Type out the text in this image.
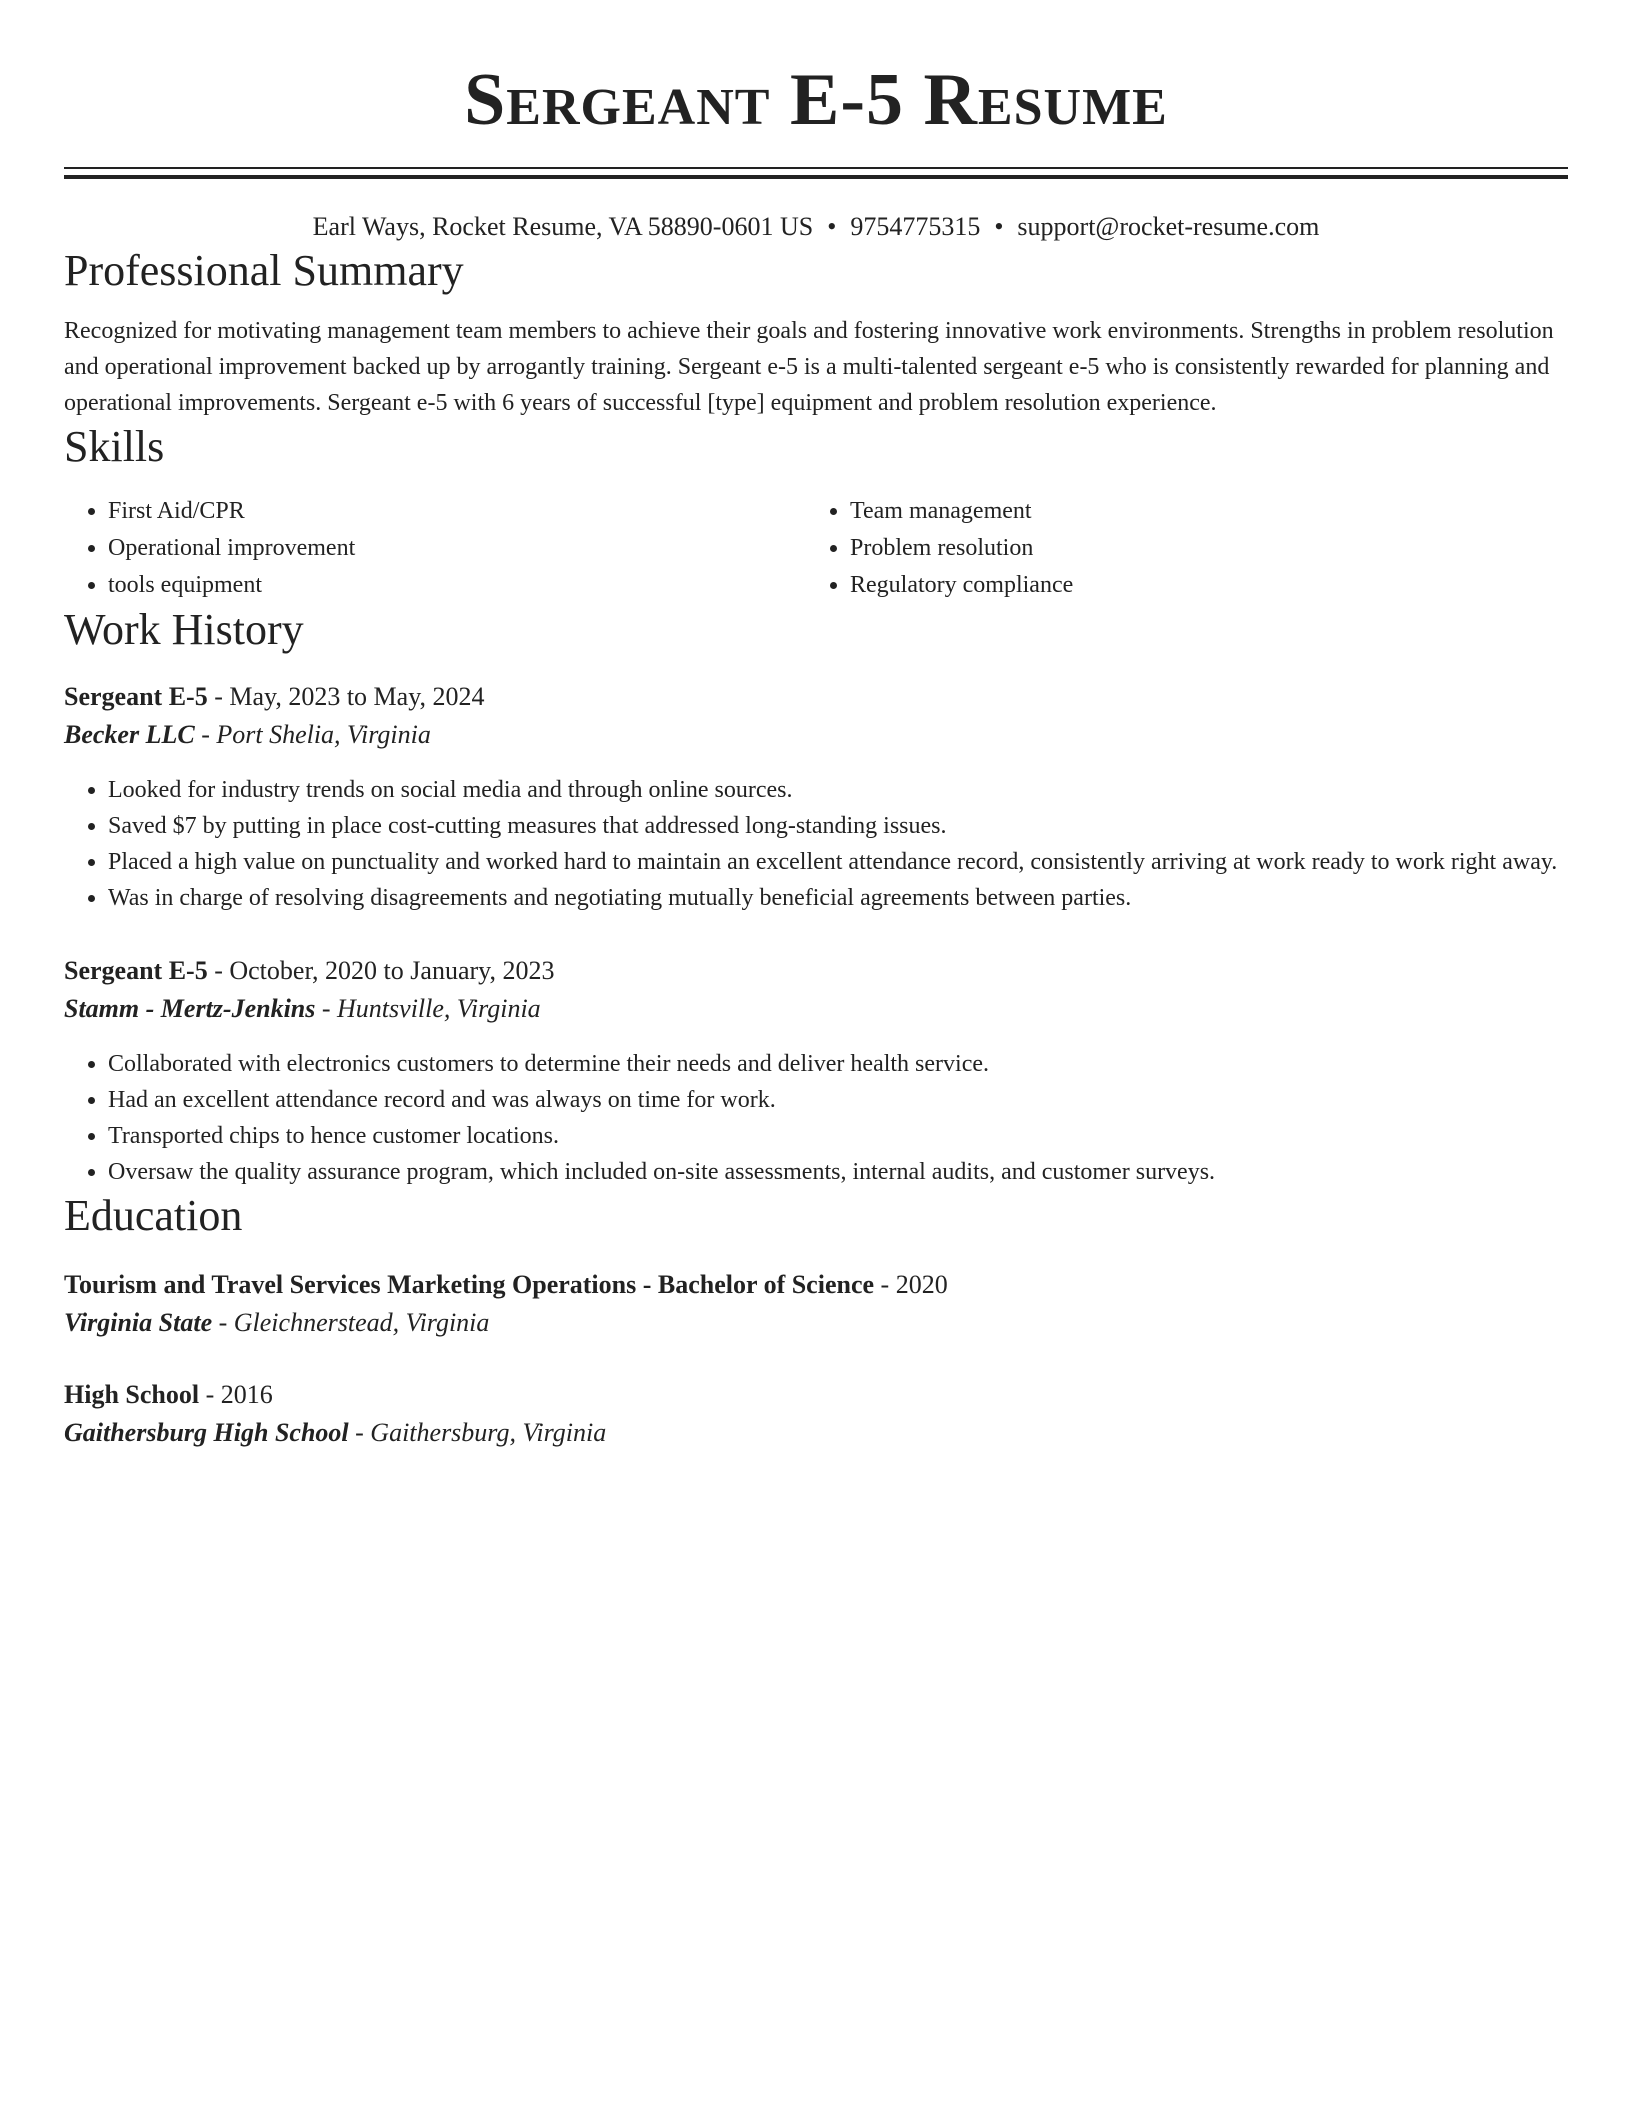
Sergeant E-5 Resume
Earl Ways, Rocket Resume, VA 58890-0601 US • 9754775315 • support@rocket-resume.com
Professional Summary

Recognized for motivating management team members to achieve their goals and fostering innovative work environments. Strengths in problem resolution and operational improvement backed up by arrogantly training. Sergeant e-5 is a multi-talented sergeant e-5 who is consistently rewarded for planning and operational improvements. Sergeant e-5 with 6 years of successful [type] equipment and problem resolution experience.

Skills
• First Aid/CPR
• Operational improvement
• tools equipment
• Team management
• Problem resolution
• Regulatory compliance
Work History
Sergeant E-5 - May, 2023 to May, 2024
Becker LLC - Port Shelia, Virginia
• Looked for industry trends on social media and through online sources.
• Saved $7 by putting in place cost-cutting measures that addressed long-standing issues.
• Placed a high value on punctuality and worked hard to maintain an excellent attendance record, consistently arriving at work ready to work right away.
• Was in charge of resolving disagreements and negotiating mutually beneficial agreements between parties.
Sergeant E-5 - October, 2020 to January, 2023
Stamm - Mertz-Jenkins - Huntsville, Virginia
• Collaborated with electronics customers to determine their needs and deliver health service.
• Had an excellent attendance record and was always on time for work.
• Transported chips to hence customer locations.
• Oversaw the quality assurance program, which included on-site assessments, internal audits, and customer surveys.
Education
Tourism and Travel Services Marketing Operations - Bachelor of Science - 2020
Virginia State - Gleichnerstead, Virginia
High School - 2016
Gaithersburg High School - Gaithersburg, Virginia
